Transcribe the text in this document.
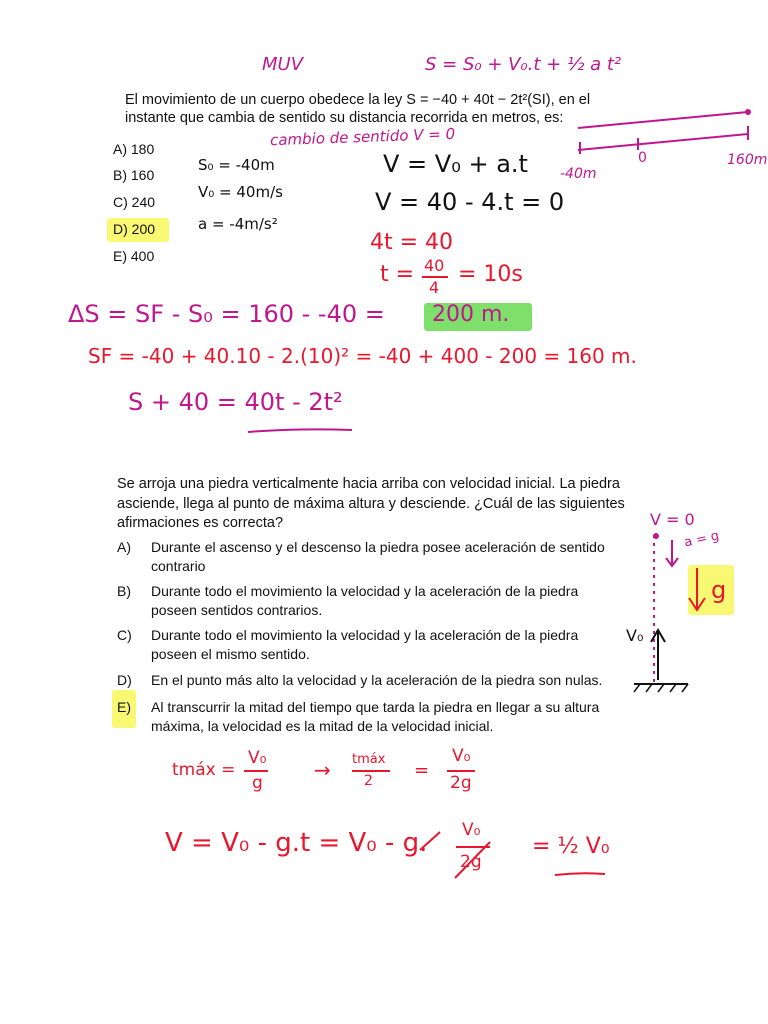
MUV	S = S₀ + V₀.t + ½ a t²
El movimiento de un cuerpo obedece la ley S = −40 + 40t − 2t²(SI), en el
instante que cambia de sentido su distancia recorrida en metros, es:
A) 180
B) 160
C) 240
D) 200
E) 400
cambio de sentido V = 0
S₀ = -40m
V₀ = 40m/s
a = -4m/s²
V = V₀ + a.t
V = 40 - 4.t = 0
4t = 40
t = 40
4
= 10s
ΔS = SF - S₀ = 160 - -40 = 200 m.
SF = -40 + 40.10 - 2.(10)² = -40 + 400 - 200 = 160 m.
S + 40 = 40t - 2t²
-40m
0	160m
Se arroja una piedra verticalmente hacia arriba con velocidad inicial. La piedra
asciende, llega al punto de máxima altura y desciende. ¿Cuál de las siguientes
afirmaciones es correcta?
A)	Durante el ascenso y el descenso la piedra posee aceleración de sentido
contrario
B)	Durante todo el movimiento la velocidad y la aceleración de la piedra
poseen sentidos contrarios.
C)	Durante todo el movimiento la velocidad y la aceleración de la piedra
poseen el mismo sentido.
D)	En el punto más alto la velocidad y la aceleración de la piedra son nulas.
E)	Al transcurrir la mitad del tiempo que tarda la piedra en llegar a su altura
máxima, la velocidad es la mitad de la velocidad inicial.
V = 0
a = g
g
V₀
tmáx =
V₀
g
→ tmáx
2 =
V₀
2g
V = V₀ - g.t = V₀ - g. V₀
2g
= ½ V₀
